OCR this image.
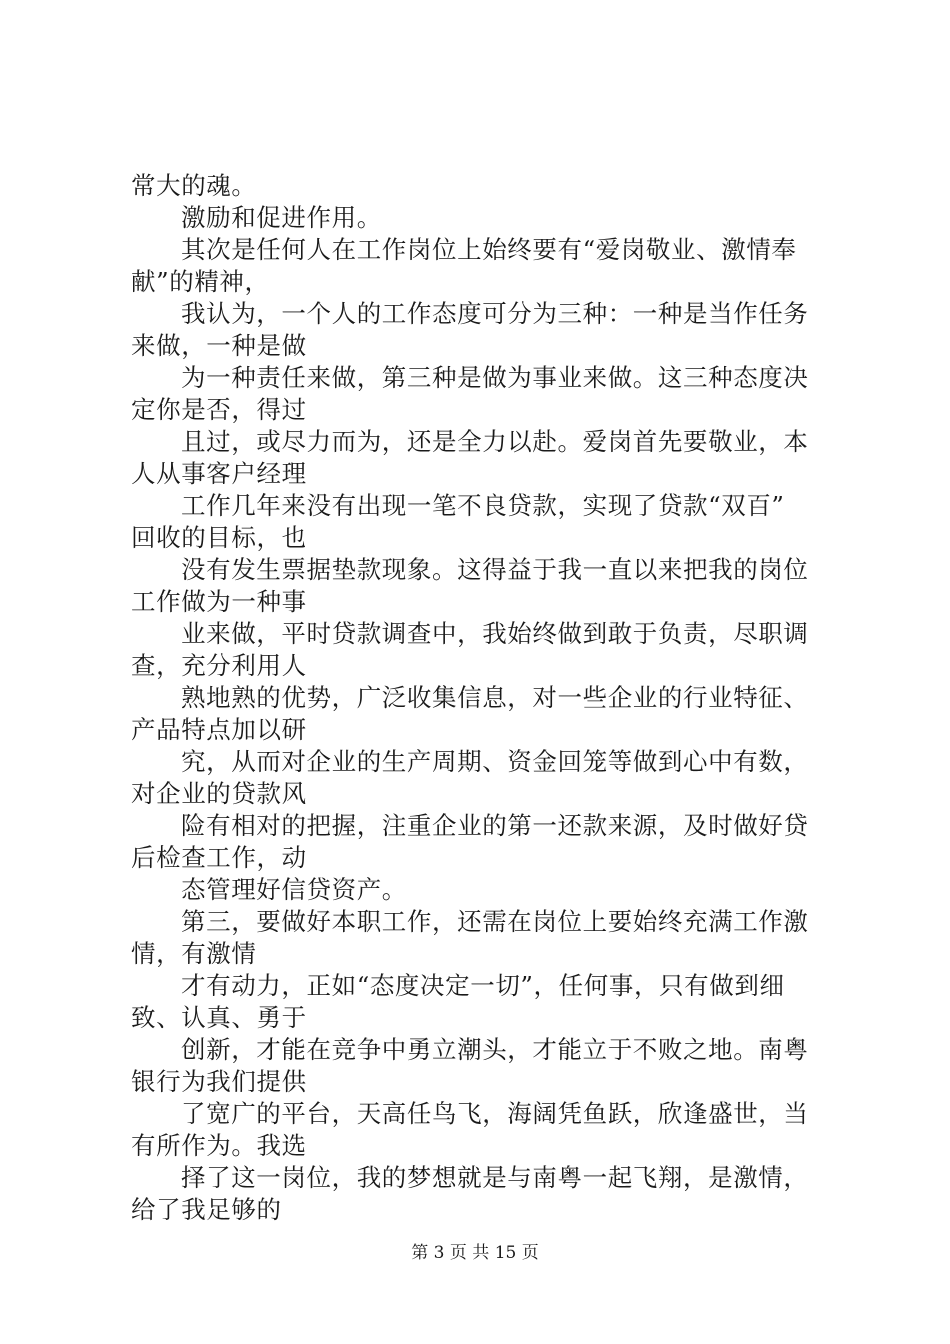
常大的魂。
激励和促进作用。
其次是任何人在工作岗位上始终要有“爱岗敬业、激情奉
献”的精神，
我认为，一个人的工作态度可分为三种：一种是当作任务
来做，一种是做
为一种责任来做，第三种是做为事业来做。这三种态度决
定你是否，得过
且过，或尽力而为，还是全力以赴。爱岗首先要敬业，本
人从事客户经理
工作几年来没有出现一笔不良贷款，实现了贷款“双百”
回收的目标，也
没有发生票据垫款现象。这得益于我一直以来把我的岗位
工作做为一种事
业来做，平时贷款调查中，我始终做到敢于负责，尽职调
查，充分利用人
熟地熟的优势，广泛收集信息，对一些企业的行业特征、
产品特点加以研
究，从而对企业的生产周期、资金回笼等做到心中有数，
对企业的贷款风
险有相对的把握，注重企业的第一还款来源，及时做好贷
后检查工作，动
态管理好信贷资产。
第三，要做好本职工作，还需在岗位上要始终充满工作激
情，有激情
才有动力，正如“态度决定一切”，任何事，只有做到细
致、认真、勇于
创新，才能在竞争中勇立潮头，才能立于不败之地。南粤
银行为我们提供
了宽广的平台，天高任鸟飞，海阔凭鱼跃，欣逢盛世，当
有所作为。我选
择了这一岗位，我的梦想就是与南粤一起飞翔，是激情，
给了我足够的
第 3 页 共 15 页
